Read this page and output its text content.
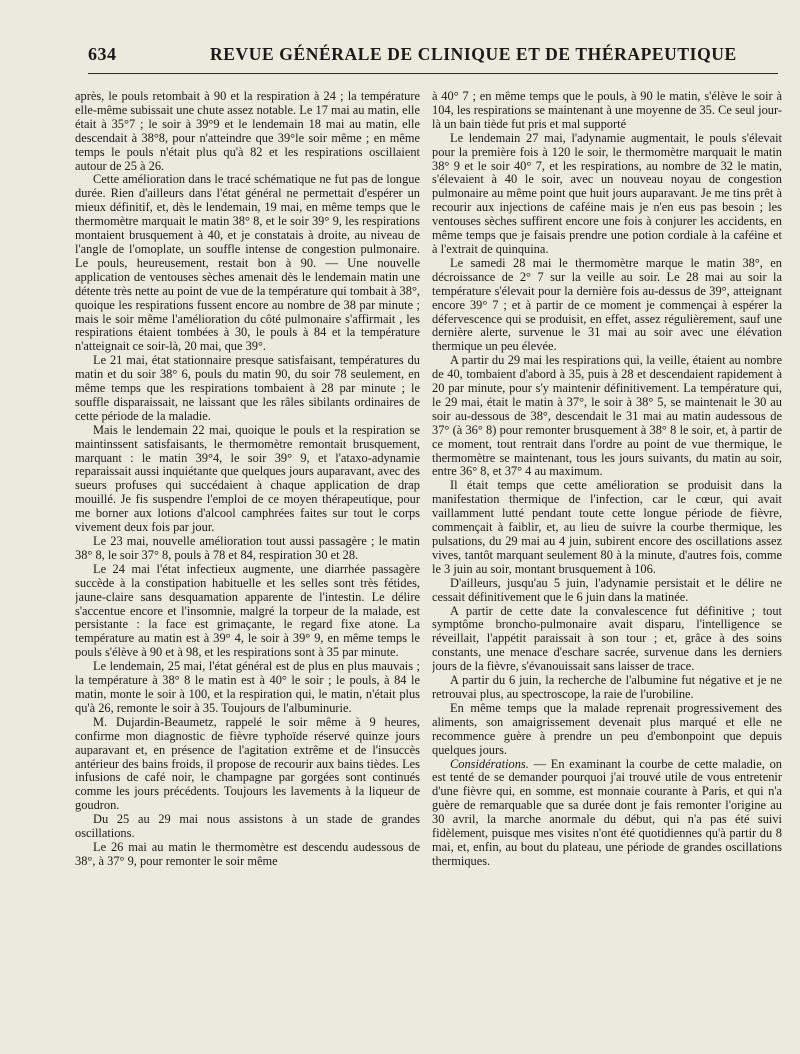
634	REVUE GÉNÉRALE DE CLINIQUE ET DE THÉRAPEUTIQUE

après, le pouls retombait à 90 et la respiration à 24 ; la température elle-même subissait une chute assez notable. Le 17 mai au matin, elle était à 35°7 ; le soir à 39°9 et le lendemain 18 mai au matin, elle descendait à 38°8, pour n'atteindre que 39°le soir même ; en même temps le pouls n'était plus qu'à 82 et les respirations oscillaient autour de 25 à 26.

Cette amélioration dans le tracé schématique ne fut pas de longue durée. Rien d'ailleurs dans l'état général ne permettait d'espérer un mieux définitif, et, dès le lendemain, 19 mai, en même temps que le thermomètre marquait le matin 38° 8, et le soir 39° 9, les respirations montaient brusquement à 40, et je constatais à droite, au niveau de l'angle de l'omoplate, un souffle intense de congestion pulmonaire. Le pouls, heureusement, restait bon à 90. — Une nouvelle application de ventouses sèches amenait dès le lendemain matin une détente très nette au point de vue de la température qui tombait à 38°, quoique les respirations fussent encore au nombre de 38 par minute ; mais le soir même l'amélioration du côté pulmonaire s'affirmait , les respirations étaient tombées à 30, le pouls à 84 et la température n'atteignait ce soir-là, 20 mai, que 39°.

Le 21 mai, état stationnaire presque satisfaisant, températures du matin et du soir 38° 6, pouls du matin 90, du soir 78 seulement, en même temps que les respirations tombaient à 28 par minute ; le souffle disparaissait, ne laissant que les râles sibilants ordinaires de cette période de la maladie.

Mais le lendemain 22 mai, quoique le pouls et la respiration se maintinssent satisfaisants, le thermomètre remontait brusquement, marquant : le matin 39°4, le soir 39° 9, et l'ataxo-adynamie reparaissait aussi inquiétante que quelques jours auparavant, avec des sueurs profuses qui succédaient à chaque application de drap mouillé. Je fis suspendre l'emploi de ce moyen thérapeutique, pour me borner aux lotions d'alcool camphrées faites sur tout le corps vivement deux fois par jour.

Le 23 mai, nouvelle amélioration tout aussi passagère ; le matin 38° 8, le soir 37° 8, pouls à 78 et 84, respiration 30 et 28.

Le 24 mai l'état infectieux augmente, une diarrhée passagère succède à la constipation habituelle et les selles sont très fétides, jaune-claire sans desquamation apparente de l'intestin. Le délire s'accentue encore et l'insomnie, malgré la torpeur de la malade, est persistante : la face est grimaçante, le regard fixe atone. La température au matin est à 39° 4, le soir à 39° 9, en même temps le pouls s'élève à 90 et à 98, et les respirations sont à 35 par minute.

Le lendemain, 25 mai, l'état général est de plus en plus mauvais ; la température à 38° 8 le matin est à 40° le soir ; le pouls, à 84 le matin, monte le soir à 100, et la respiration qui, le matin, n'était plus qu'à 26, remonte le soir à 35. Toujours de l'albuminurie.

M. Dujardin-Beaumetz, rappelé le soir même à 9 heures, confirme mon diagnostic de fièvre typhoïde réservé quinze jours auparavant et, en présence de l'agitation extrême et de l'insuccès antérieur des bains froids, il propose de recourir aux bains tièdes. Les infusions de café noir, le champagne par gorgées sont continués comme les jours précédents. Toujours les lavements à la liqueur de goudron.

Du 25 au 29 mai nous assistons à un stade de grandes oscillations.

Le 26 mai au matin le thermomètre est descendu audessous de 38°, à 37° 9, pour remonter le soir même

à 40° 7 ; en même temps que le pouls, à 90 le matin, s'élève le soir à 104, les respirations se maintenant à une moyenne de 35. Ce seul jour-là un bain tiède fut pris et mal supporté

Le lendemain 27 mai, l'adynamie augmentait, le pouls s'élevait pour la première fois à 120 le soir, le thermomètre marquait le matin 38° 9 et le soir 40° 7, et les respirations, au nombre de 32 le matin, s'élevaient à 40 le soir, avec un nouveau noyau de congestion pulmonaire au même point que huit jours auparavant. Je me tins prêt à recourir aux injections de caféine mais je n'en eus pas besoin ; les ventouses sèches suffirent encore une fois à conjurer les accidents, en même temps que je faisais prendre une potion cordiale à la caféine et à l'extrait de quinquina.

Le samedi 28 mai le thermomètre marque le matin 38°, en décroissance de 2° 7 sur la veille au soir. Le 28 mai au soir la température s'élevait pour la dernière fois au-dessus de 39°, atteignant encore 39° 7 ; et à partir de ce moment je commençai à espérer la défervescence qui se produisit, en effet, assez régulièrement, sauf une dernière alerte, survenue le 31 mai au soir avec une élévation thermique un peu élevée.

A partir du 29 mai les respirations qui, la veille, étaient au nombre de 40, tombaient d'abord à 35, puis à 28 et descendaient rapidement à 20 par minute, pour s'y maintenir définitivement. La température qui, le 29 mai, était le matin à 37°, le soir à 38° 5, se maintenait le 30 au soir au-dessous de 38°, descendait le 31 mai au matin audessous de 37° (à 36° 8) pour remonter brusquement à 38° 8 le soir, et, à partir de ce moment, tout rentrait dans l'ordre au point de vue thermique, le thermomètre se maintenant, tous les jours suivants, du matin au soir, entre 36° 8, et 37° 4 au maximum.

Il était temps que cette amélioration se produisit dans la manifestation thermique de l'infection, car le cœur, qui avait vaillamment lutté pendant toute cette longue période de fièvre, commençait à faiblir, et, au lieu de suivre la courbe thermique, les pulsations, du 29 mai au 4 juin, subirent encore des oscillations assez vives, tantôt marquant seulement 80 à la minute, d'autres fois, comme le 3 juin au soir, montant brusquement à 106.

D'ailleurs, jusqu'au 5 juin, l'adynamie persistait et le délire ne cessait définitivement que le 6 juin dans la matinée.

A partir de cette date la convalescence fut définitive ; tout symptôme broncho-pulmonaire avait disparu, l'intelligence se réveillait, l'appétit paraissait à son tour ; et, grâce à des soins constants, une menace d'eschare sacrée, survenue dans les derniers jours de la fièvre, s'évanouissait sans laisser de trace.

A partir du 6 juin, la recherche de l'albumine fut négative et je ne retrouvai plus, au spectroscope, la raie de l'urobiline.

En même temps que la malade reprenait progressivement des aliments, son amaigrissement devenait plus marqué et elle ne recommence guère à prendre un peu d'embonpoint que depuis quelques jours.

Considérations. — En examinant la courbe de cette maladie, on est tenté de se demander pourquoi j'ai trouvé utile de vous entretenir d'une fièvre qui, en somme, est monnaie courante à Paris, et qui n'a guère de remarquable que sa durée dont je fais remonter l'origine au 30 avril, la marche anormale du début, qui n'a pas été suivi fidèlement, puisque mes visites n'ont été quotidiennes qu'à partir du 8 mai, et, enfin, au bout du plateau, une période de grandes oscillations thermiques.
